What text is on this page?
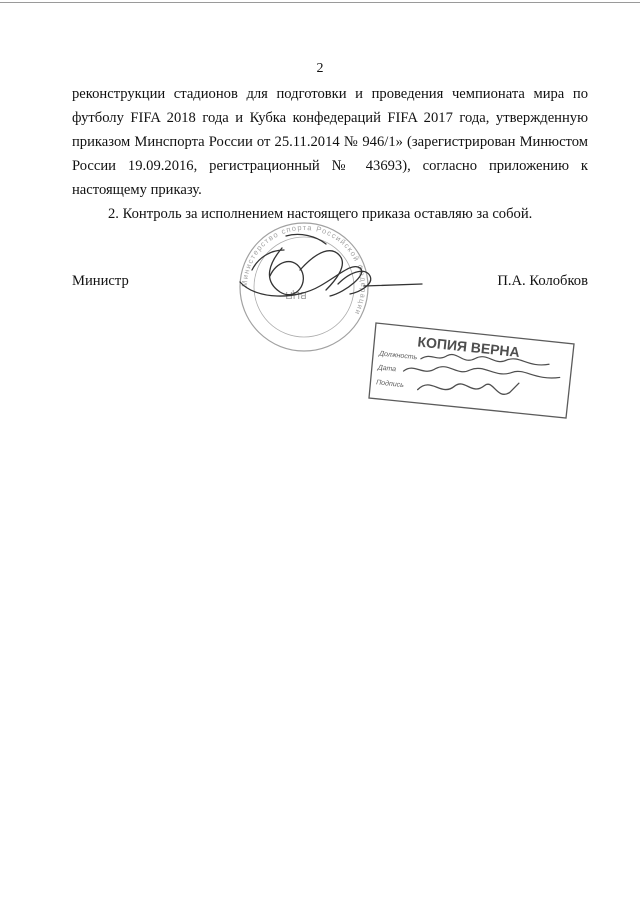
2

реконструкции стадионов для подготовки и проведения чемпионата мира по футболу FIFA 2018 года и Кубка конфедераций FIFA 2017 года, утвержденную приказом Минспорта России от 25.11.2014 № 946/1» (зарегистрирован Минюстом России 19.09.2016, регистрационный № 43693), согласно приложению к настоящему приказу.

2. Контроль за исполнением настоящего приказа оставляю за собой.

Министр	П.А. Колобков
Министерство спорта Российской Федерации
ВЦП
КОПИЯ ВЕРНА
Должность
Дата
Подпись
